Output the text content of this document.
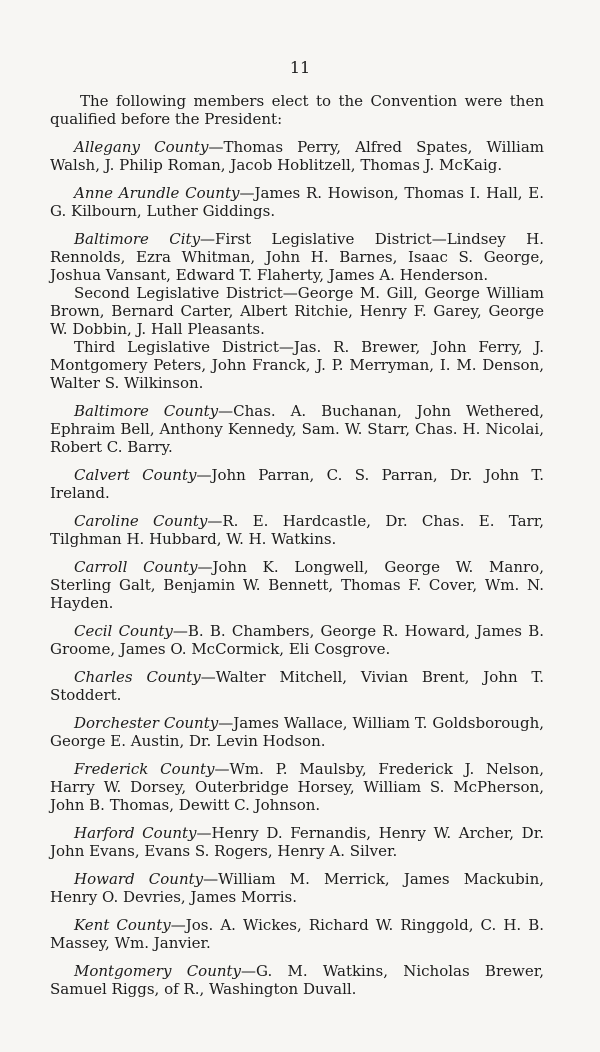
11

The following members elect to the Convention were then qualified before the President:

Allegany County—Thomas Perry, Alfred Spates, William Walsh, J. Philip Roman, Jacob Hoblitzell, Thomas J. McKaig.

Anne Arundle County—James R. Howison, Thomas I. Hall, E. G. Kilbourn, Luther Giddings.

Baltimore City—First Legislative District—Lindsey H. Rennolds, Ezra Whitman, John H. Barnes, Isaac S. George, Joshua Vansant, Edward T. Flaherty, James A. Henderson.

Second Legislative District—George M. Gill, George William Brown, Bernard Carter, Albert Ritchie, Henry F. Garey, George W. Dobbin, J. Hall Pleasants.

Third Legislative District—Jas. R. Brewer, John Ferry, J. Montgomery Peters, John Franck, J. P. Merryman, I. M. Denson, Walter S. Wilkinson.

Baltimore County—Chas. A. Buchanan, John Wethered, Ephraim Bell, Anthony Kennedy, Sam. W. Starr, Chas. H. Nicolai, Robert C. Barry.

Calvert County—John Parran, C. S. Parran, Dr. John T. Ireland.

Caroline County—R. E. Hardcastle, Dr. Chas. E. Tarr, Tilghman H. Hubbard, W. H. Watkins.

Carroll County—John K. Longwell, George W. Manro, Sterling Galt, Benjamin W. Bennett, Thomas F. Cover, Wm. N. Hayden.

Cecil County—B. B. Chambers, George R. Howard, James B. Groome, James O. McCormick, Eli Cosgrove.

Charles County—Walter Mitchell, Vivian Brent, John T. Stoddert.

Dorchester County—James Wallace, William T. Goldsborough, George E. Austin, Dr. Levin Hodson.

Frederick County—Wm. P. Maulsby, Frederick J. Nelson, Harry W. Dorsey, Outerbridge Horsey, William S. McPherson, John B. Thomas, Dewitt C. Johnson.

Harford County—Henry D. Fernandis, Henry W. Archer, Dr. John Evans, Evans S. Rogers, Henry A. Silver.

Howard County—William M. Merrick, James Mackubin, Henry O. Devries, James Morris.

Kent County—Jos. A. Wickes, Richard W. Ringgold, C. H. B. Massey, Wm. Janvier.

Montgomery County—G. M. Watkins, Nicholas Brewer, Samuel Riggs, of R., Washington Duvall.
